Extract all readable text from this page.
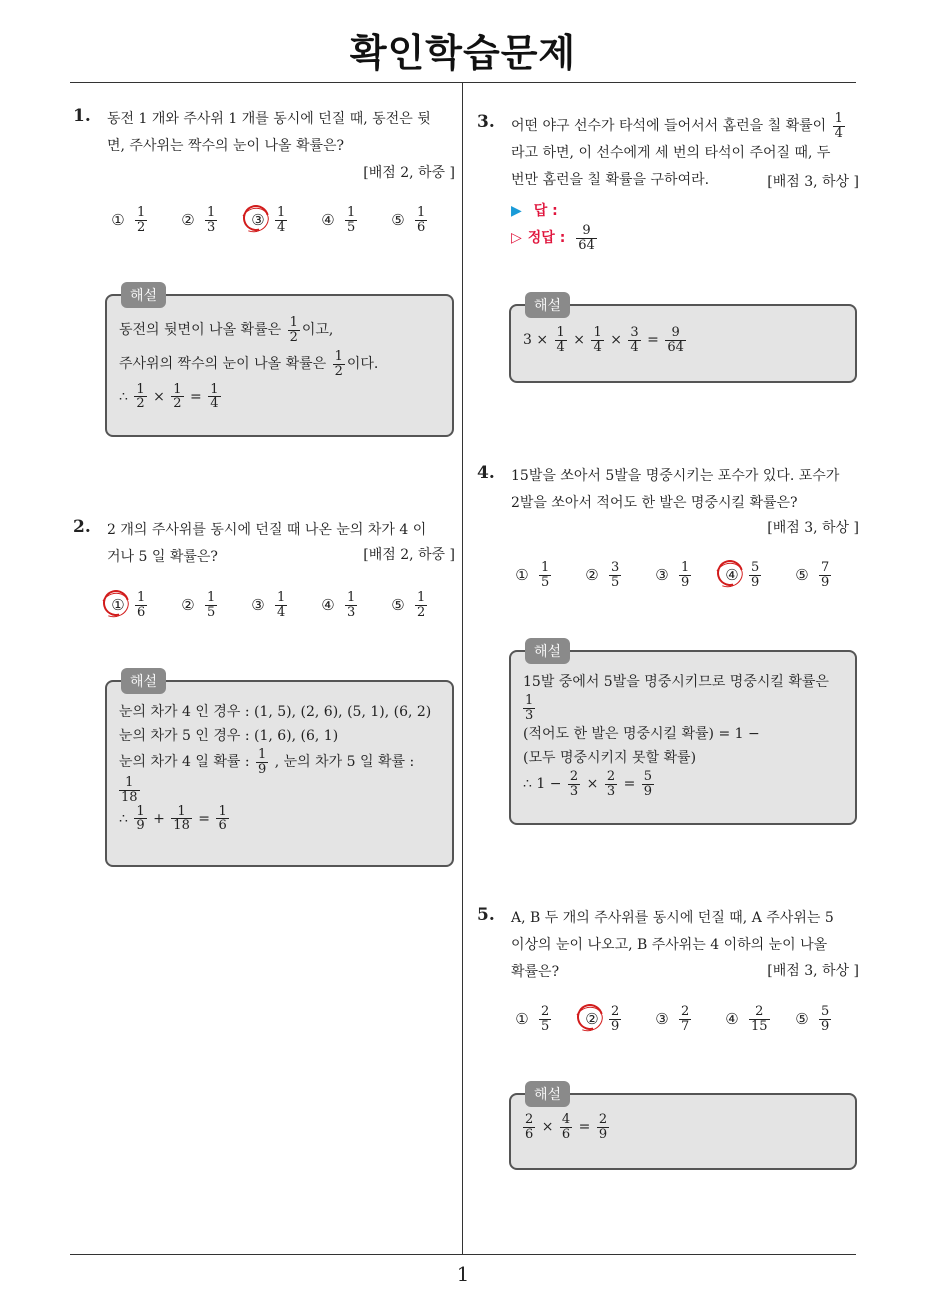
확인학습문제
1
1. 동전 1 개와 주사위 1 개를 동시에 던질 때, 동전은 뒷
면, 주사위는 짝수의 눈이 나올 확률은?
[배점 2, 하중 ]
① $\frac{1}{2}$ ② $\frac{1}{3}$ ③ $\frac{1}{4}$ ④ $\frac{1}{5}$ ⑤ $\frac{1}{6}$
해설
동전의 뒷면이 나올 확률은 $\frac{1}{2}$ 이고,
주사위의 짝수의 눈이 나올 확률은 $\frac{1}{2}$ 이다.
∴ $\frac{1}{2} \times \frac{1}{2} = \frac{1}{4}$
2. 2 개의 주사위를 동시에 던질 때 나온 눈의 차가 4 이
거나 5 일 확률은?	[배점 2, 하중 ]
① $\frac{1}{6}$ ② $\frac{1}{5}$ ③ $\frac{1}{4}$ ④ $\frac{1}{3}$ ⑤ $\frac{1}{2}$
해설
눈의 차가 4 인 경우 : (1, 5), (2, 6), (5, 1), (6, 2)
눈의 차가 5 인 경우 : (1, 6), (6, 1)
눈의 차가 4 일 확률 : $\frac{1}{9}$ , 눈의 차가 5 일 확률 :
$\frac{1}{18}$
∴ $\frac{1}{9} + \frac{1}{18} = \frac{1}{6}$
3. 어떤 야구 선수가 타석에 들어서서 홈런을 칠 확률이 $\frac{1}{4}$
라고 하면, 이 선수에게 세 번의 타석이 주어질 때, 두
번만 홈런을 칠 확률을 구하여라.	[배점 3, 하상 ]
▶ 답 :
▷ 정답 : $\frac{9}{64}$
해설
$3 \times \frac{1}{4} \times \frac{1}{4} \times \frac{3}{4} = \frac{9}{64}$
4. 15발을 쏘아서 5발을 명중시키는 포수가 있다. 포수가
2발을 쏘아서 적어도 한 발은 명중시킬 확률은?
[배점 3, 하상 ]
① $\frac{1}{5}$ ② $\frac{3}{5}$ ③ $\frac{1}{9}$ ④ $\frac{5}{9}$ ⑤ $\frac{7}{9}$
해설
15발 중에서 5발을 명중시키므로 명중시킬 확률은
$\frac{1}{3}$
(적어도 한 발은 명중시킬 확률) = 1 −
(모두 명중시키지 못할 확률)
∴ $1 - \frac{2}{3} \times \frac{2}{3} = \frac{5}{9}$
5. A, B 두 개의 주사위를 동시에 던질 때, A 주사위는 5
이상의 눈이 나오고, B 주사위는 4 이하의 눈이 나올
확률은?	[배점 3, 하상 ]
① $\frac{2}{5}$ ② $\frac{2}{9}$ ③ $\frac{2}{7}$ ④ $\frac{2}{15}$ ⑤ $\frac{5}{9}$
해설
$\frac{2}{6} \times \frac{4}{6} = \frac{2}{9}$
